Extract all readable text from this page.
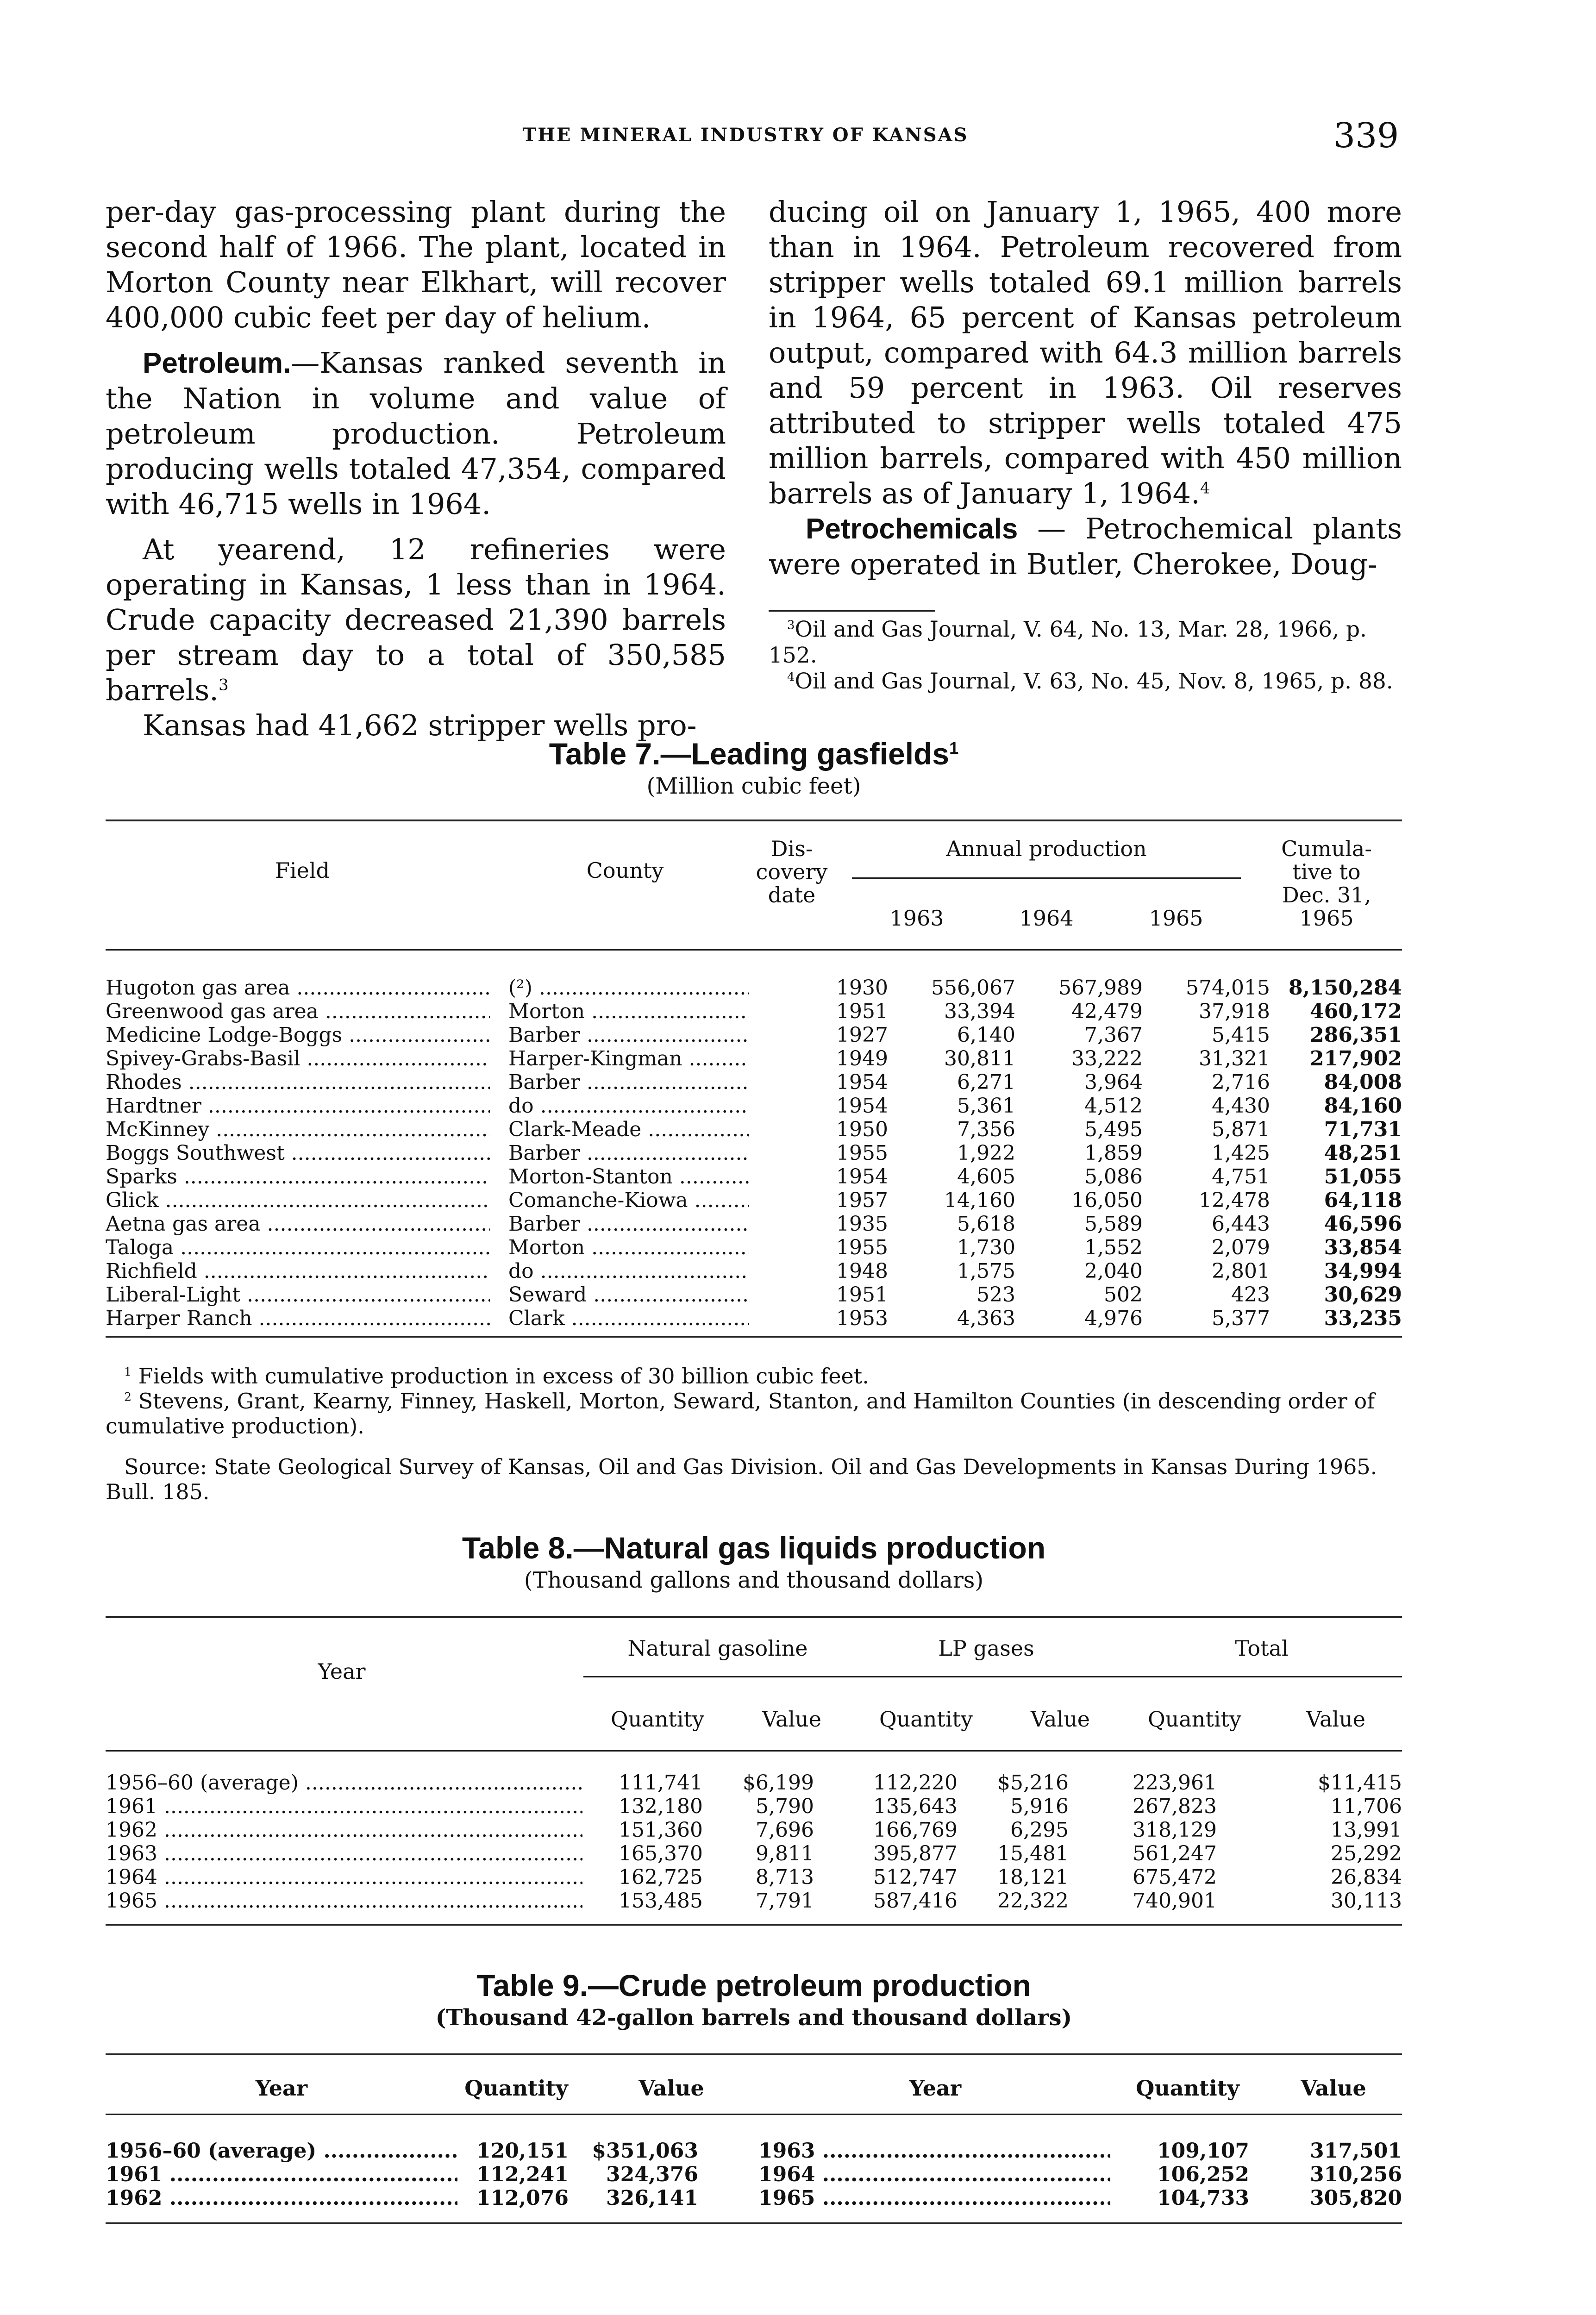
THE MINERAL INDUSTRY OF KANSAS	339

per-day gas-processing plant during the second half of 1966. The plant, located in Morton County near Elkhart, will recover 400,000 cubic feet per day of helium.

Petroleum.—Kansas ranked seventh in the Nation in volume and value of petroleum production. Petroleum producing wells totaled 47,354, compared with 46,715 wells in 1964.

At yearend, 12 refineries were operating in Kansas, 1 less than in 1964. Crude capacity decreased 21,390 barrels per stream day to a total of 350,585 barrels.$^3$

Kansas had 41,662 stripper wells pro-

ducing oil on January 1, 1965, 400 more than in 1964. Petroleum recovered from stripper wells totaled 69.1 million barrels in 1964, 65 percent of Kansas petroleum output, compared with 64.3 million barrels and 59 percent in 1963. Oil reserves attributed to stripper wells totaled 475 million barrels, compared with 450 million barrels as of January 1, 1964.$^4$

Petrochemicals — Petrochemical plants were operated in Butler, Cherokee, Doug-

$^3$Oil and Gas Journal, V. 64, No. 13, Mar. 28, 1966, p. 152.

$^4$Oil and Gas Journal, V. 63, No. 45, Nov. 8, 1965, p. 88.

Table 7.—Leading gasfields$^1$
(Million cubic feet)
Field	County
Dis-
covery
date
Annual production
1963	1964	1965
Cumula-
tive to
Dec. 31,
1965
Hugoton gas area .....		(²) .....	1930	556,067	567,989	574,015	8,150,284

Greenwood gas area .....		Morton .....	1951	33,394	42,479	37,918	460,172

Medicine Lodge-Boggs .....		Barber .....	1927	6,140	7,367	5,415	286,351

Spivey-Grabs-Basil .....		Harper-Kingman .....	1949	30,811	33,222	31,321	217,902

Rhodes .....		Barber .....	1954	6,271	3,964	2,716	84,008

Hardtner .....		do .....	1954	5,361	4,512	4,430	84,160

McKinney .....		Clark-Meade .....	1950	7,356	5,495	5,871	71,731

Boggs Southwest .....		Barber .....	1955	1,922	1,859	1,425	48,251

Sparks .....		Morton-Stanton .....	1954	4,605	5,086	4,751	51,055

Glick .....		Comanche-Kiowa .....	1957	14,160	16,050	12,478	64,118

Aetna gas area .....		Barber .....	1935	5,618	5,589	6,443	46,596

Taloga .....		Morton .....	1955	1,730	1,552	2,079	33,854

Richfield .....		do .....	1948	1,575	2,040	2,801	34,994

Liberal-Light .....		Seward .....	1951	523	502	423	30,629

Harper Ranch .....		Clark .....	1953	4,363	4,976	5,377	33,235

$^1$ Fields with cumulative production in excess of 30 billion cubic feet.

$^2$ Stevens, Grant, Kearny, Finney, Haskell, Morton, Seward, Stanton, and Hamilton Counties (in descending order of cumulative production).

Source: State Geological Survey of Kansas, Oil and Gas Division. Oil and Gas Developments in Kansas During 1965. Bull. 185.

Table 8.—Natural gas liquids production
(Thousand gallons and thousand dollars)
Year
Natural gasoline	LP gases	Total
Quantity	Value	Quantity	Value	Quantity	Value
1956–60 (average) .....	111,741	$6,199	112,220	$5,216	223,961	$11,415

1961 .....	132,180	5,790	135,643	5,916	267,823	11,706

1962 .....	151,360	7,696	166,769	6,295	318,129	13,991

1963 .....	165,370	9,811	395,877	15,481	561,247	25,292

1964 .....	162,725	8,713	512,747	18,121	675,472	26,834

1965 .....	153,485	7,791	587,416	22,322	740,901	30,113
Table 9.—Crude petroleum production
(Thousand 42-gallon barrels and thousand dollars)
Year	Quantity	Value	Year	Quantity	Value
1956–60 (average) .....	120,151	$351,063		1963 .....	109,107	317,501

1961 .....	112,241	324,376		1964 .....	106,252	310,256

1962 .....	112,076	326,141		1965 .....	104,733	305,820
